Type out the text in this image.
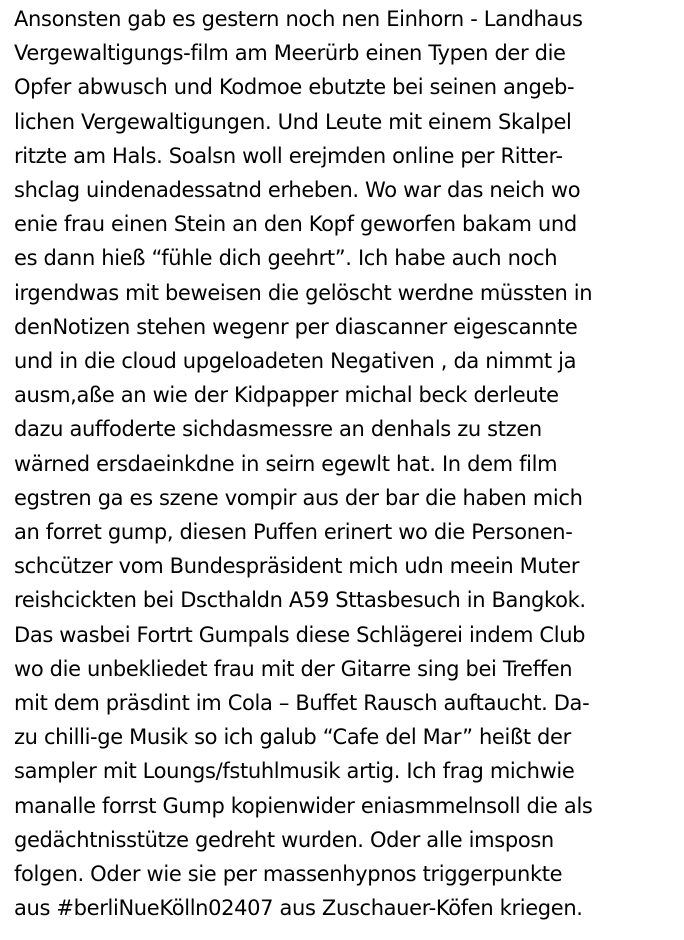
Ansonsten gab es gestern noch nen Einhorn - Landhaus

Vergewaltigungs-film am Meerürb einen Typen der die

Opfer abwusch und Kodmoe ebutzte bei seinen angeb-

lichen Vergewaltigungen. Und Leute mit einem Skalpel

ritzte am Hals. Soalsn woll erejmden online per Ritter-

shclag uindenadessatnd erheben. Wo war das neich wo

enie frau einen Stein an den Kopf geworfen bakam und

es dann hieß “fühle dich geehrt”. Ich habe auch noch

irgendwas mit beweisen die gelöscht werdne müssten in

denNotizen stehen wegenr per diascanner eigescannte

und in die cloud upgeloadeten Negativen , da nimmt ja

ausm,aße an wie der Kidpapper michal beck derleute

dazu auffoderte sichdasmessre an denhals zu stzen

wärned ersdaeinkdne in seirn egewlt hat. In dem film

egstren ga es szene vompir aus der bar die haben mich

an forret gump, diesen Puffen erinert wo die Personen-

schcützer vom Bundespräsident mich udn meein Muter

reishcickten bei Dscthaldn A59 Sttasbesuch in Bangkok.

Das wasbei Fortrt Gumpals diese Schlägerei indem Club

wo die unbekliedet frau mit der Gitarre sing bei Treffen

mit dem präsdint im Cola – Buffet Rausch auftaucht. Da-

zu chilli-ge Musik so ich galub “Cafe del Mar” heißt der

sampler mit Loungs/fstuhlmusik artig. Ich frag michwie

manalle forrst Gump kopienwider eniasmmelnsoll die als

gedächtnisstütze gedreht wurden. Oder alle imsposn

folgen. Oder wie sie per massenhypnos triggerpunkte

aus #berliNueKölln02407 aus Zuschauer-Köfen kriegen.
